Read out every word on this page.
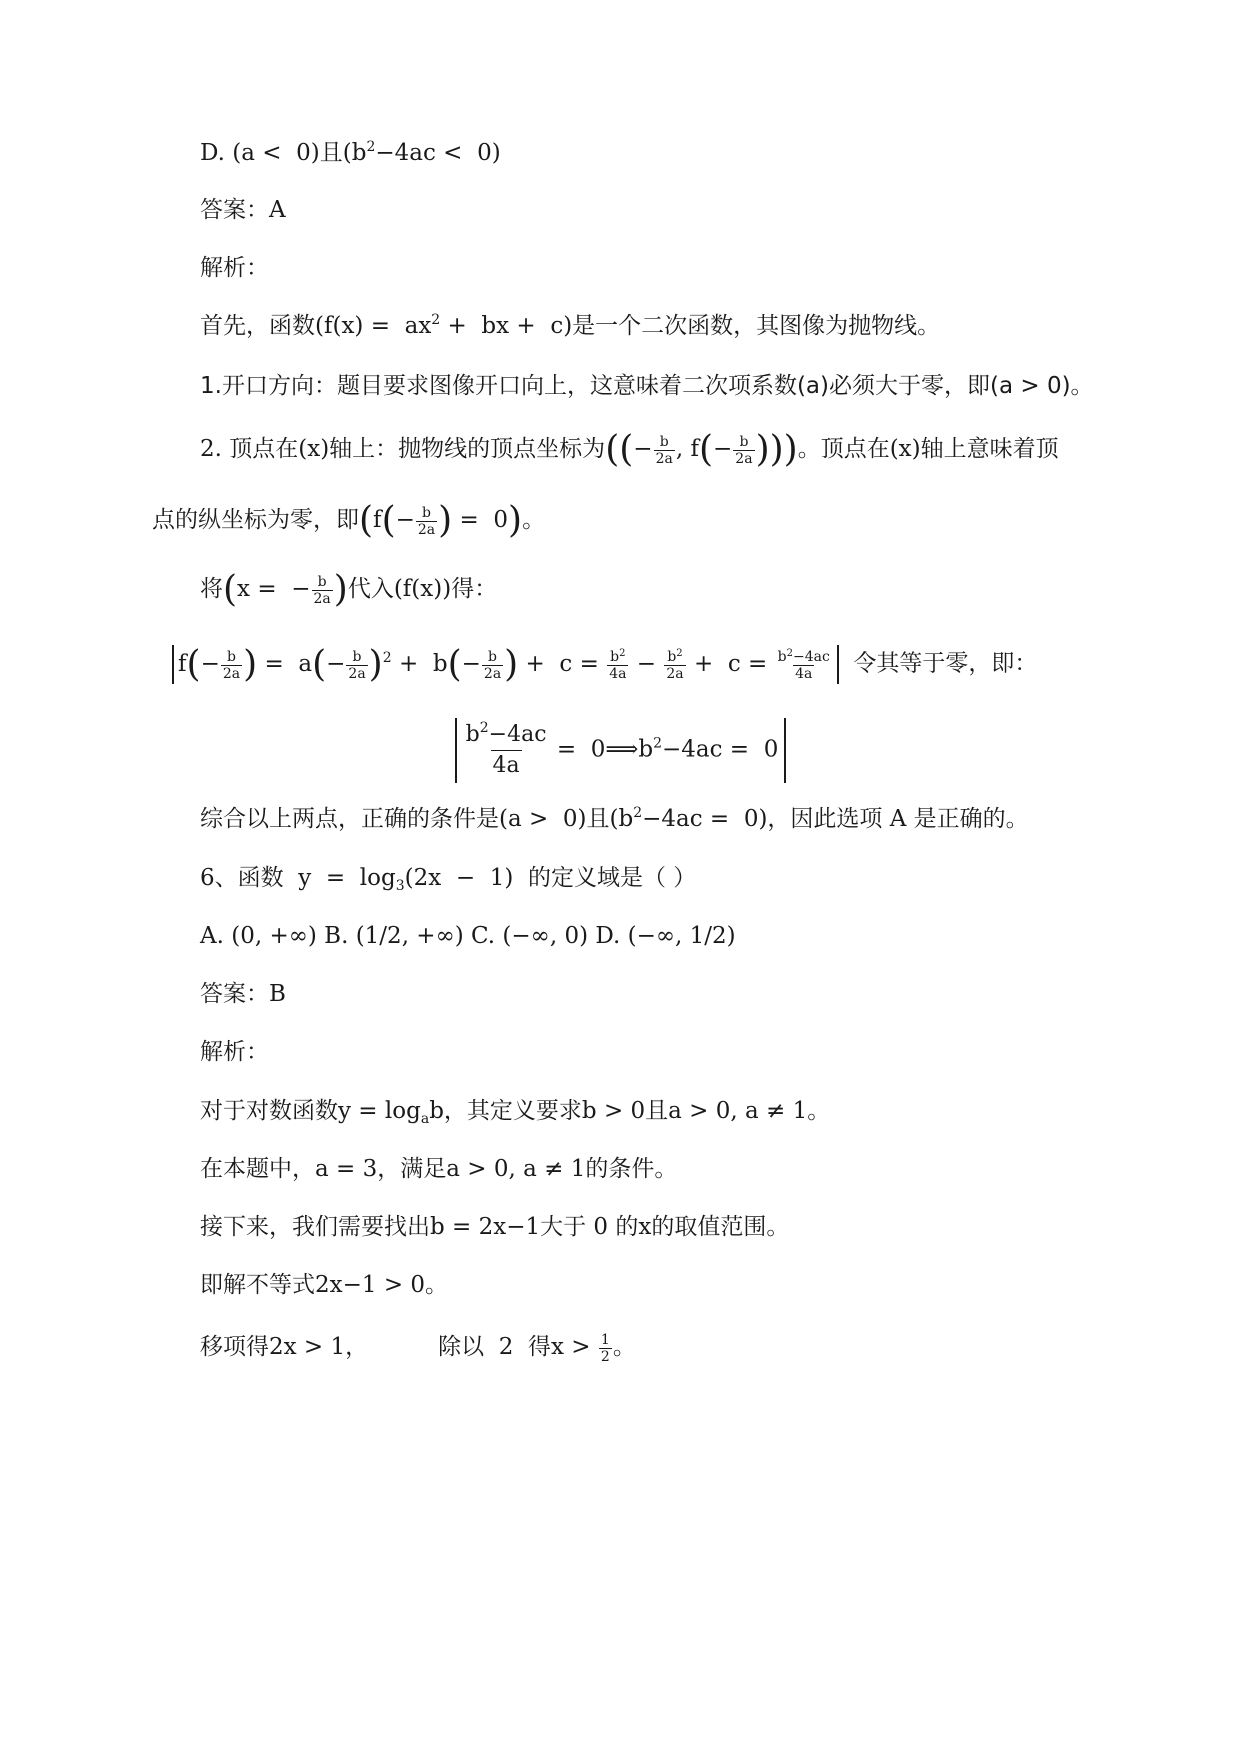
D. (a <  0)且$(b^2-4ac < 0)$
答案：A
解析：
首先，函数($f(x) = ax^2$ +  bx +  c)是一个二次函数，其图像为抛物线。
1.开口方向：题目要求图像开口向上，这意味着二次项系数(a)必须大于零，即(a > 0)。
2. 顶点在(x)轴上：抛物线的顶点坐标为((− $\frac{b}{2a}$ , $f(- \frac{b}{2a}$ )))。顶点在(x)轴上意味着顶
点的纵坐标为零，即($f(- \frac{b}{2a}$ ) =  0)。
将(x =  − $\frac{b}{2a}$ )代入(f(x))得：
$f(- \frac{b}{2a}$ ) =  $a(- \frac{b}{2a} )^2 + b(- \frac{b}{2a}$ ) +  $c = \frac{b^2}{4a} - \frac{b^2}{2a} + c = \frac{b^2-4ac}{4a}$ 令其等于零，即：
$\frac{b^2-4ac}{4a}$ =  $0⟹b^2-4ac = 0$
综合以上两点，正确的条件是(a >  0)且$(b^2-4ac = 0)$，因此选项 A 是正确的。
6、函数  $y = \log_3(2x - 1)$  的定义域是（ ）
A. (0, +∞) B. (1/2, +∞) C. (−∞, 0) D. (−∞, 1/2)
答案：B
解析：
对于对数函数$y = \log_ab$，其定义要求b > 0且a > 0, a ≠ 1。
在本题中，a = 3，满足a > 0, a ≠ 1的条件。
接下来，我们需要找出b = 2x−1大于 0 的x的取值范围。
即解不等式2x−1 > 0。
移项得2x > 1，	除以  2  得$x > \frac{1}{2}$ 。
